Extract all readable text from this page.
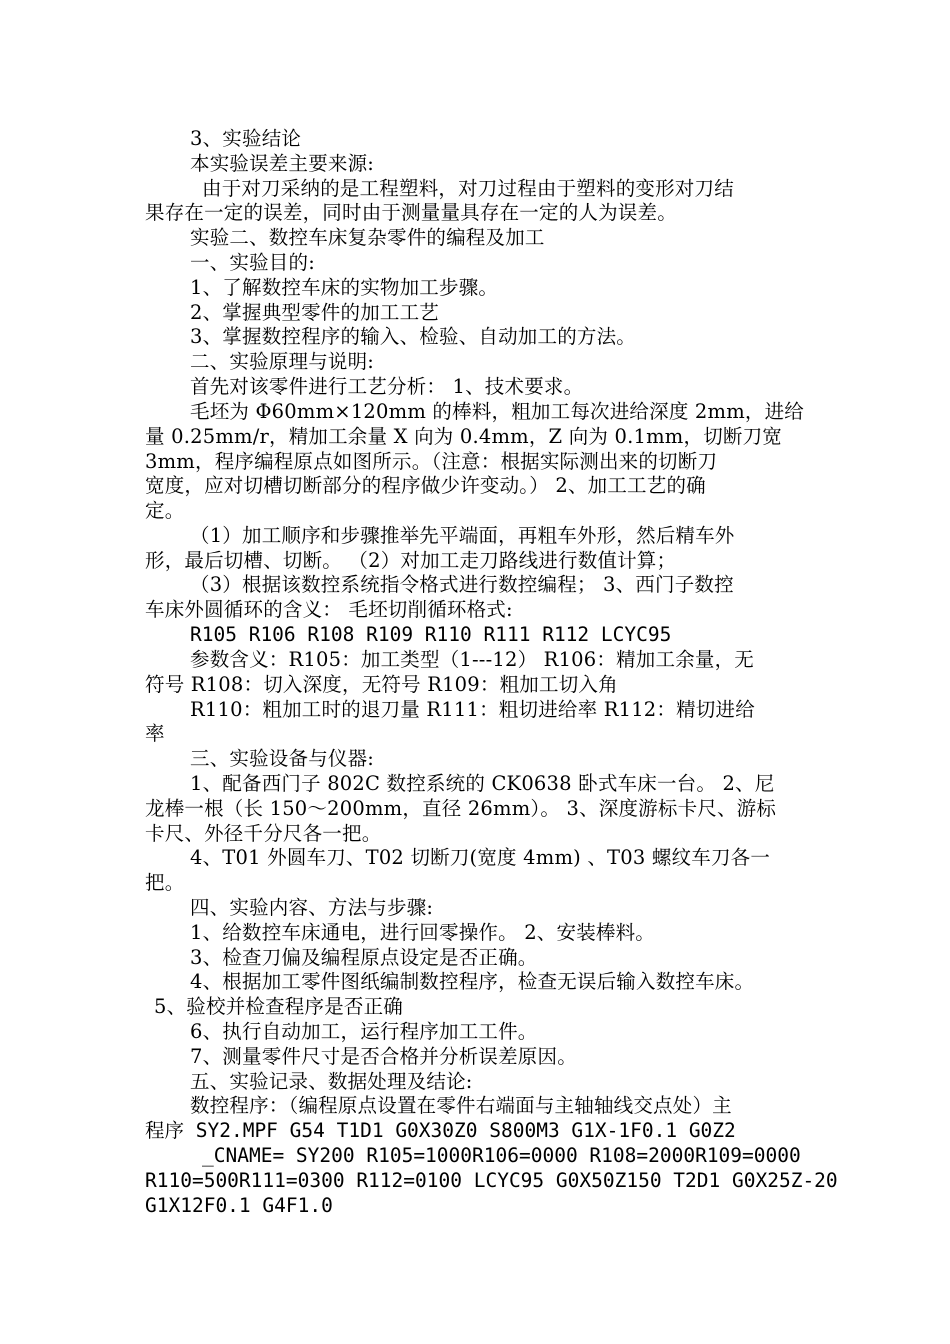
3、实验结论
本实验误差主要来源:
由于对刀采纳的是工程塑料，对刀过程由于塑料的变形对刀结
果存在一定的误差，同时由于测量量具存在一定的人为误差。
实验二、数控车床复杂零件的编程及加工
一、实验目的:
1、了解数控车床的实物加工步骤。
2、掌握典型零件的加工工艺
3、掌握数控程序的输入、检验、自动加工的方法。
二、实验原理与说明:
首先对该零件进行工艺分析： 1、技术要求。
毛坯为 Φ60mm×120mm 的棒料，粗加工每次进给深度 2mm，进给
量 0.25mm/r，精加工余量 X 向为 0.4mm，Z 向为 0.1mm，切断刀宽
3mm，程序编程原点如图所示。（注意：根据实际测出来的切断刀
宽度，应对切槽切断部分的程序做少许变动。） 2、加工工艺的确
定。
（1）加工顺序和步骤推举先平端面，再粗车外形，然后精车外
形，最后切槽、切断。 （2）对加工走刀路线进行数值计算；
（3）根据该数控系统指令格式进行数控编程； 3、西门子数控
车床外圆循环的含义： 毛坯切削循环格式:
R105 R106 R108 R109 R110 R111 R112 LCYC95
参数含义：R105：加工类型（1---12） R106：精加工余量，无
符号 R108：切入深度，无符号 R109：粗加工切入角
R110：粗加工时的退刀量 R111：粗切进给率 R112：精切进给
率
三、实验设备与仪器:
1、配备西门子 802C 数控系统的 CK0638 卧式车床一台。 2、尼
龙棒一根（长 150～200mm，直径 26mm）。 3、深度游标卡尺、游标
卡尺、外径千分尺各一把。
4、T01 外圆车刀、T02 切断刀(宽度 4mm) 、T03 螺纹车刀各一
把。
四、实验内容、方法与步骤:
1、给数控车床通电，进行回零操作。 2、安装棒料。
3、检查刀偏及编程原点设定是否正确。
4、根据加工零件图纸编制数控程序，检查无误后输入数控车床。
5、验校并检查程序是否正确
6、执行自动加工，运行程序加工工件。
7、测量零件尺寸是否合格并分析误差原因。
五、实验记录、数据处理及结论:
数控程序：（编程原点设置在零件右端面与主轴轴线交点处）主
程序 SY2.MPF G54 T1D1 G0X30Z0 S800M3 G1X-1F0.1 G0Z2
_CNAME= SY200 R105=1000R106=0000 R108=2000R109=0000
R110=500R111=0300 R112=0100 LCYC95 G0X50Z150 T2D1 G0X25Z-20
G1X12F0.1 G4F1.0
